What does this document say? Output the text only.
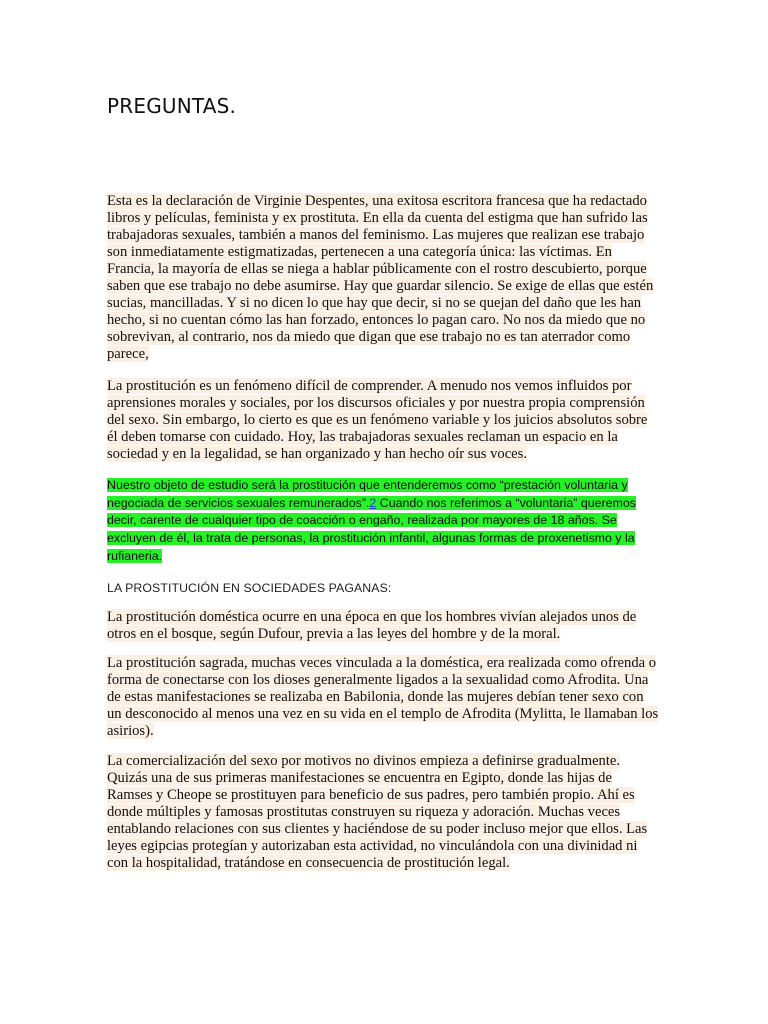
PREGUNTAS.

Esta es la declaración de Virginie Despentes, una exitosa escritora francesa que ha redactado libros y películas, feminista y ex prostituta. En ella da cuenta del estigma que han sufrido las trabajadoras sexuales, también a manos del feminismo. Las mujeres que realizan ese trabajo son inmediatamente estigmatizadas, pertenecen a una categoría única: las víctimas. En Francia, la mayoría de ellas se niega a hablar públicamente con el rostro descubierto, porque saben que ese trabajo no debe asumirse. Hay que guardar silencio. Se exige de ellas que estén sucias, mancilladas. Y si no dicen lo que hay que decir, si no se quejan del daño que les han hecho, si no cuentan cómo las han forzado, entonces lo pagan caro. No nos da miedo que no sobrevivan, al contrario, nos da miedo que digan que ese trabajo no es tan aterrador como parece,

La prostitución es un fenómeno difícil de comprender. A menudo nos vemos influidos por aprensiones morales y sociales, por los discursos oficiales y por nuestra propia comprensión del sexo. Sin embargo, lo cierto es que es un fenómeno variable y los juicios absolutos sobre él deben tomarse con cuidado. Hoy, las trabajadoras sexuales reclaman un espacio en la sociedad y en la legalidad, se han organizado y han hecho oír sus voces.

Nuestro objeto de estudio será la prostitución que entenderemos como “prestación voluntaria y negociada de servicios sexuales remunerados”.2 Cuando nos referimos a “voluntaria” queremos decir, carente de cualquier tipo de coacción o engaño, realizada por mayores de 18 años. Se excluyen de él, la trata de personas, la prostitución infantil, algunas formas de proxenetismo y la rufianeria.

LA PROSTITUCIÓN EN SOCIEDADES PAGANAS:

La prostitución doméstica ocurre en una época en que los hombres vivían alejados unos de otros en el bosque, según Dufour, previa a las leyes del hombre y de la moral.

La prostitución sagrada, muchas veces vinculada a la doméstica, era realizada como ofrenda o forma de conectarse con los dioses generalmente ligados a la sexualidad como Afrodita. Una de estas manifestaciones se realizaba en Babilonia, donde las mujeres debían tener sexo con un desconocido al menos una vez en su vida en el templo de Afrodita (Mylitta, le llamaban los asirios).

La comercialización del sexo por motivos no divinos empieza a definirse gradualmente. Quizás una de sus primeras manifestaciones se encuentra en Egipto, donde las hijas de Ramses y Cheope se prostituyen para beneficio de sus padres, pero también propio. Ahí es donde múltiples y famosas prostitutas construyen su riqueza y adoración. Muchas veces entablando relaciones con sus clientes y haciéndose de su poder incluso mejor que ellos. Las leyes egipcias protegían y autorizaban esta actividad, no vinculándola con una divinidad ni con la hospitalidad, tratándose en consecuencia de prostitución legal.
